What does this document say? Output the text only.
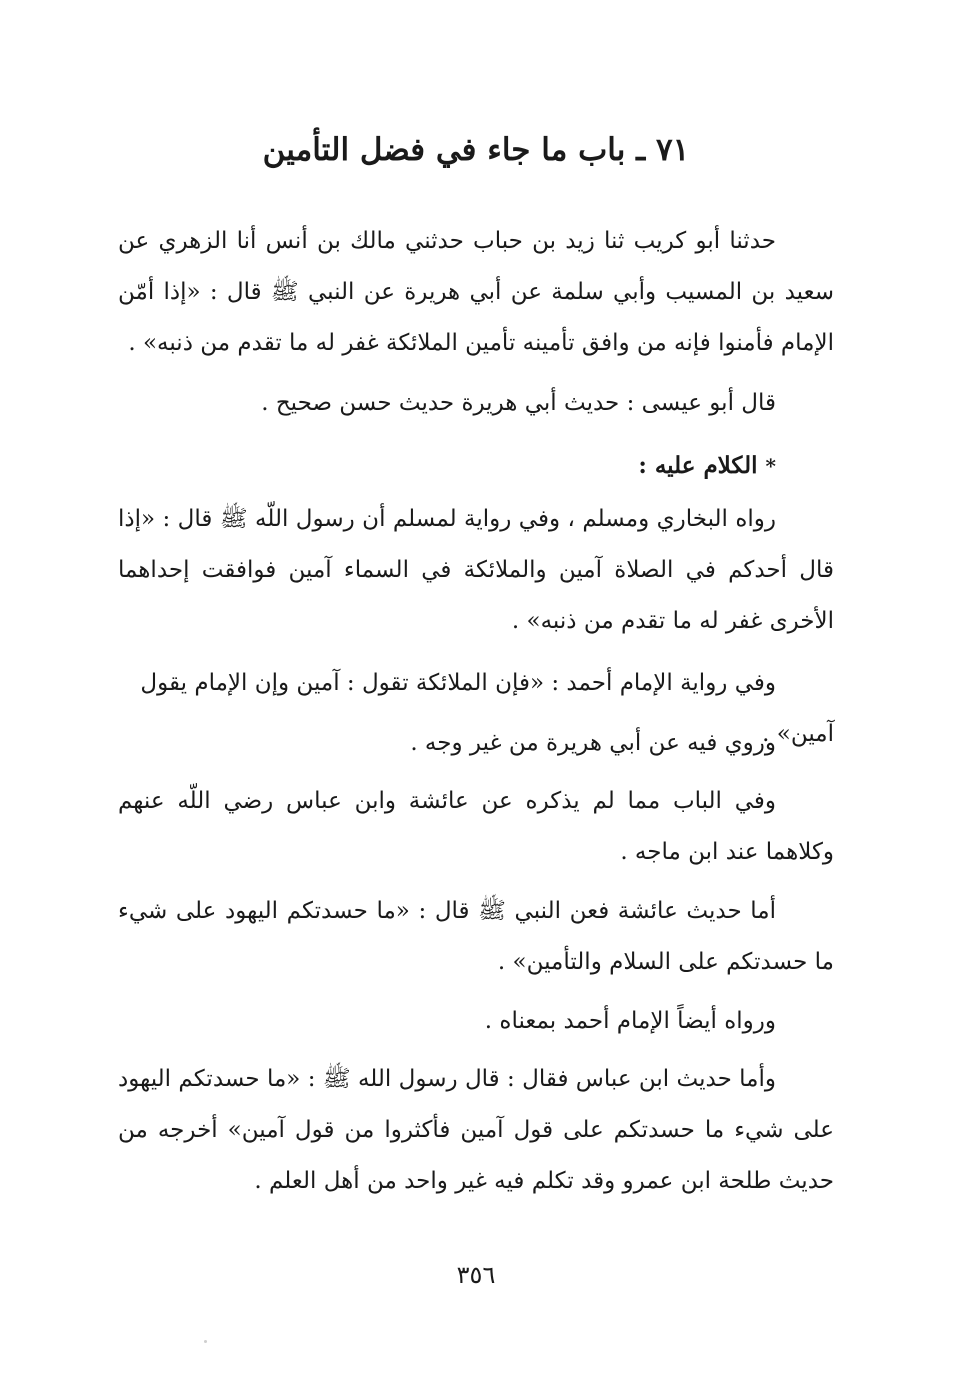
٧١ ـ باب ما جاء في فضل التأمين

حدثنا أبو كريب ثنا زيد بن حباب حدثني مالك بن أنس أنا الزهري عن سعيد بن المسيب وأبي سلمة عن أبي هريرة عن النبي ﷺ قال : «إذا أمّن الإمام فأمنوا فإنه من وافق تأمينه تأمين الملائكة غفر له ما تقدم من ذنبه» .

قال أبو عيسى : حديث أبي هريرة حديث حسن صحيح .

* الكلام عليه :

رواه البخاري ومسلم ، وفي رواية لمسلم أن رسول اللّه ﷺ قال : «إذا قال أحدكم في الصلاة آمين والملائكة في السماء آمين فوافقت إحداهما الأخرى غفر له ما تقدم من ذنبه» .

وفي رواية الإمام أحمد : «فإن الملائكة تقول : آمين وإن الإمام يقول آمين» .

وروي فيه عن أبي هريرة من غير وجه .

وفي الباب مما لم يذكره عن عائشة وابن عباس رضي اللّه عنهم وكلاهما عند ابن ماجه .

أما حديث عائشة فعن النبي ﷺ قال : «ما حسدتكم اليهود على شيء ما حسدتكم على السلام والتأمين» .

ورواه أيضاً الإمام أحمد بمعناه .

وأما حديث ابن عباس فقال : قال رسول الله ﷺ : «ما حسدتكم اليهود على شيء ما حسدتكم على قول آمين فأكثروا من قول آمين» أخرجه من حديث طلحة ابن عمرو وقد تكلم فيه غير واحد من أهل العلم .

٣٥٦
